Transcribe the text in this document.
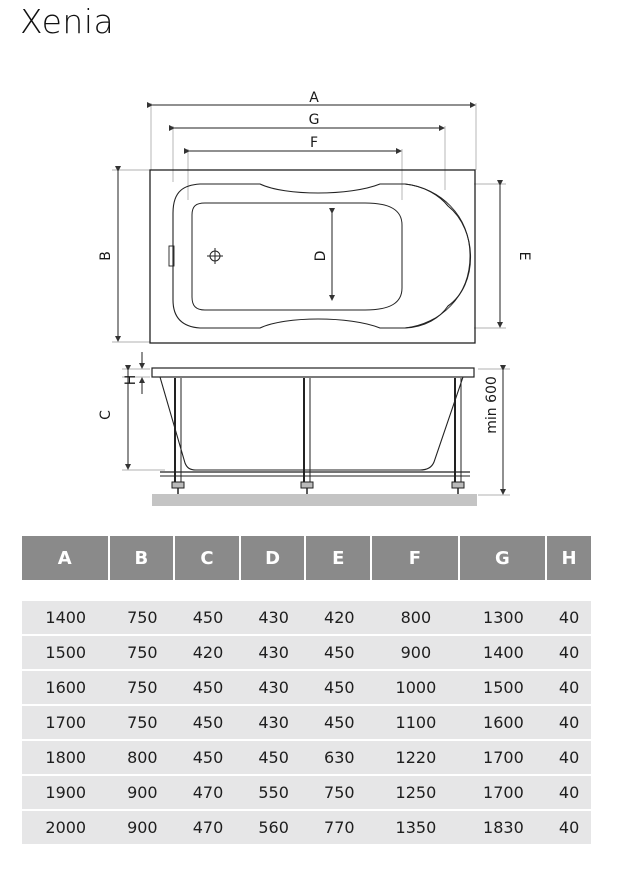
Xenia
A
G
F
B	D	E
H
C	min 600
A	B	C	D	E	F	G	H

1400	750	450	430	420	800	1300	40
1500	750	420	430	450	900	1400	40
1600	750	450	430	450	1000	1500	40
1700	750	450	430	450	1100	1600	40
1800	800	450	450	630	1220	1700	40
1900	900	470	550	750	1250	1700	40
2000	900	470	560	770	1350	1830	40
